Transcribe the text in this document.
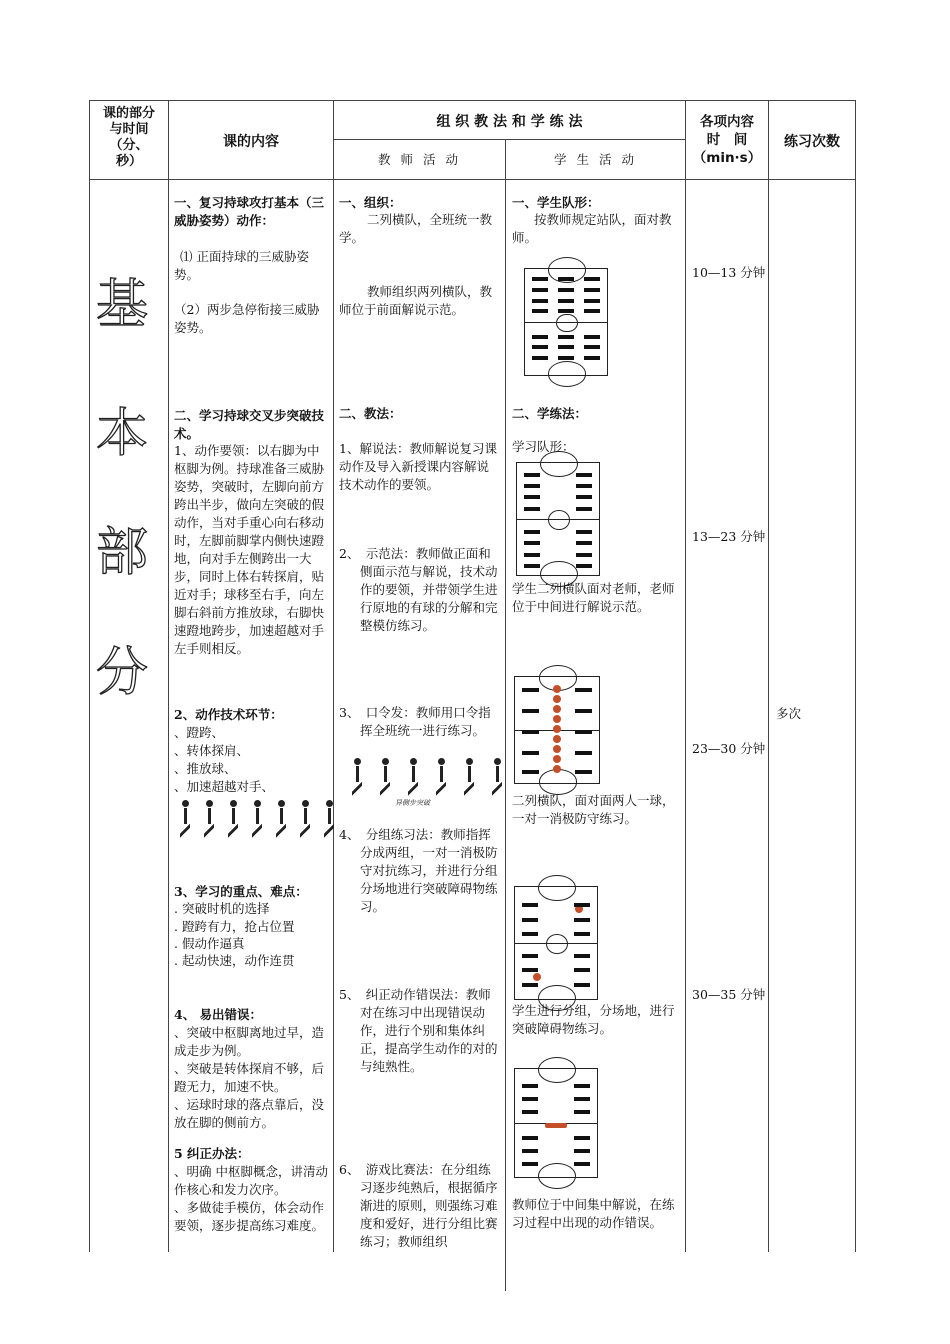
课的部分
与时间
（分、
秒）
课的内容
组 织 教 法 和 学 练 法
教 师 活 动	学 生 活 动
各项内容
时　间
（min·s）
练习次数
基
本
部
分
一、复习持球攻打基本（三威胁姿势）动作：
⑴ 正面持球的三威胁姿势。
（2）两步急停衔接三威胁姿势。
二、学习持球交叉步突破技术。
1、动作要领：以右脚为中枢脚为例。持球准备三威胁姿势，突破时，左脚向前方跨出半步，做向左突破的假动作，当对手重心向右移动时，左脚前脚掌内侧快速蹬地，向对手左侧跨出一大步，同时上体右转探肩，贴近对手；球移至右手，向左脚右斜前方推放球，右脚快速蹬地跨步，加速超越对手左手则相反。
2、动作技术环节：
、蹬跨、
、转体探肩、
、推放球、
、加速超越对手、
3、学习的重点、难点：
. 突破时机的选择
. 蹬跨有力，抢占位置
. 假动作逼真
. 起动快速，动作连贯
4、 易出错误：
、突破中枢脚离地过早，造成走步为例。
、突破是转体探肩不够，后蹬无力，加速不快。
、运球时球的落点靠后，没放在脚的侧前方。
5 纠正办法：
、明确 中枢脚概念，讲清动作核心和发力次序。
、多做徒手模仿，体会动作要领，逐步提高练习难度。
一、组织：
二列横队，全班统一教学。
教师组织两列横队，教师位于前面解说示范。
二、教法：
1、解说法：教师解说复习课动作及导入新授课内容解说技术动作的要领。
2、　示范法：教师做正面和侧面示范与解说，技术动作的要领，并带领学生进行原地的有球的分解和完整模仿练习。
3、　口令发：教师用口令指挥全班统一进行练习。
异侧步突破
4、　分组练习法：教师指挥分成两组，一对一消极防守对抗练习，并进行分组分场地进行突破障碍物练习。
5、　纠正动作错误法：教师对在练习中出现错误动作，进行个别和集体纠正，提高学生动作的对的与纯熟性。
6、　游戏比赛法：在分组练习逐步纯熟后，根据循序渐进的原则，则强练习难度和爱好，进行分组比赛练习；教师组织
一、学生队形：
按教师规定站队，面对教师。
二、学练法：
学习队形：
学生二列横队面对老师，老师位于中间进行解说示范。
二列横队，面对面两人一球，一对一消极防守练习。
学生进行分组，分场地，进行突破障碍物练习。
教师位于中间集中解说，在练习过程中出现的动作错误。
10—13 分钟
13—23 分钟
23—30 分钟
30—35 分钟
多次
